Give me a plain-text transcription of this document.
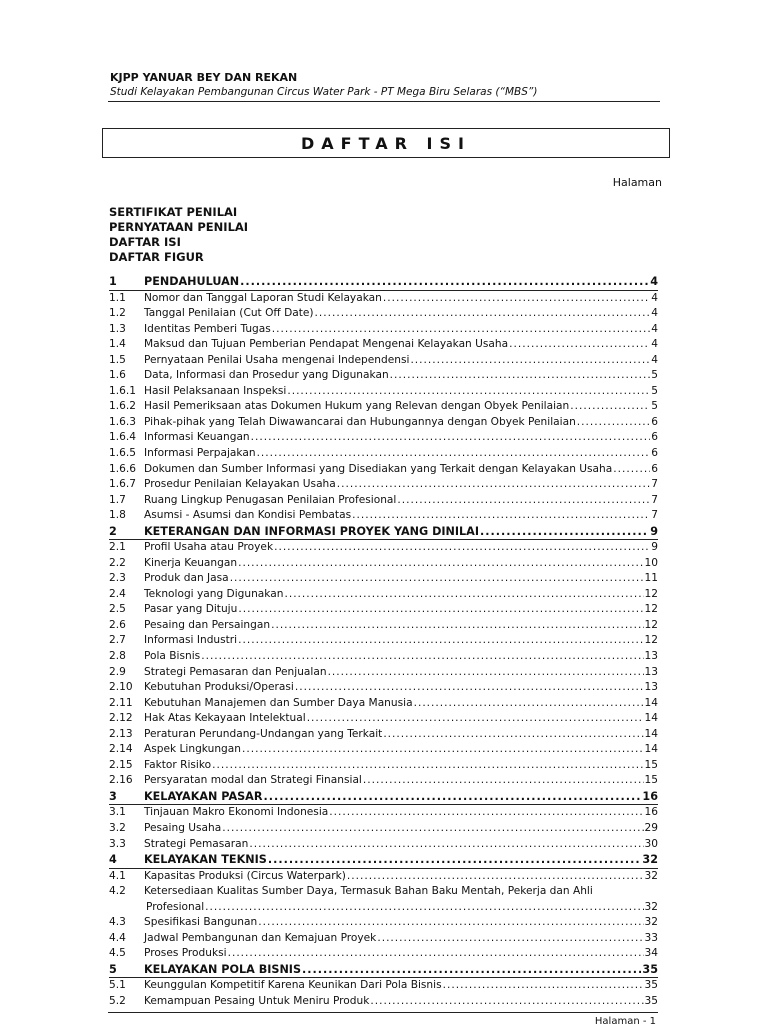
KJPP YANUAR BEY DAN REKAN
Studi Kelayakan Pembangunan Circus Water Park - PT Mega Biru Selaras (“MBS”)
DAFTAR ISI
Halaman
SERTIFIKAT PENILAI
PERNYATAAN PENILAI
DAFTAR ISI
DAFTAR FIGUR
1	PENDAHULUAN .....	4
1.1	Nomor dan Tanggal Laporan Studi Kelayakan .....	4
1.2	Tanggal Penilaian (Cut Off Date) .....	4
1.3	Identitas Pemberi Tugas .....	4
1.4	Maksud dan Tujuan Pemberian Pendapat Mengenai Kelayakan Usaha .....	4
1.5	Pernyataan Penilai Usaha mengenai Independensi .....	4
1.6	Data, Informasi dan Prosedur yang Digunakan .....	5
1.6.1 Hasil Pelaksanaan Inspeksi .....	5
1.6.2 Hasil Pemeriksaan atas Dokumen Hukum yang Relevan dengan Obyek Penilaian .....	5
1.6.3 Pihak-pihak yang Telah Diwawancarai dan Hubungannya dengan Obyek Penilaian .....	6
1.6.4 Informasi Keuangan .....	6
1.6.5 Informasi Perpajakan .....	6
1.6.6 Dokumen dan Sumber Informasi yang Disediakan yang Terkait dengan Kelayakan Usaha .....	6
1.6.7 Prosedur Penilaian Kelayakan Usaha .....	7
1.7	Ruang Lingkup Penugasan Penilaian Profesional .....	7
1.8	Asumsi - Asumsi dan Kondisi Pembatas .....	7
2	KETERANGAN DAN INFORMASI PROYEK YANG DINILAI .....	9
2.1	Profil Usaha atau Proyek .....	9
2.2	Kinerja Keuangan .....	10
2.3	Produk dan Jasa .....	11
2.4	Teknologi yang Digunakan .....	12
2.5	Pasar yang Dituju .....	12
2.6	Pesaing dan Persaingan .....	12
2.7	Informasi Industri .....	12
2.8	Pola Bisnis .....	13
2.9	Strategi Pemasaran dan Penjualan .....	13
2.10	Kebutuhan Produksi/Operasi .....	13
2.11	Kebutuhan Manajemen dan Sumber Daya Manusia .....	14
2.12	Hak Atas Kekayaan Intelektual .....	14
2.13	Peraturan Perundang-Undangan yang Terkait .....	14
2.14	Aspek Lingkungan .....	14
2.15	Faktor Risiko .....	15
2.16	Persyaratan modal dan Strategi Finansial .....	15
3	KELAYAKAN PASAR .....	16
3.1	Tinjauan Makro Ekonomi Indonesia .....	16
3.2	Pesaing Usaha .....	29
3.3	Strategi Pemasaran .....	30
4	KELAYAKAN TEKNIS .....	32
4.1	Kapasitas Produksi (Circus Waterpark) .....	32
4.2	Ketersediaan Kualitas Sumber Daya, Termasuk Bahan Baku Mentah, Pekerja dan Ahli
Profesional .....	32
4.3	Spesifikasi Bangunan .....	32
4.4	Jadwal Pembangunan dan Kemajuan Proyek .....	33
4.5	Proses Produksi .....	34
5	KELAYAKAN POLA BISNIS .....	35
5.1	Keunggulan Kompetitif Karena Keunikan Dari Pola Bisnis .....	35
5.2	Kemampuan Pesaing Untuk Meniru Produk .....	35
Halaman - 1
